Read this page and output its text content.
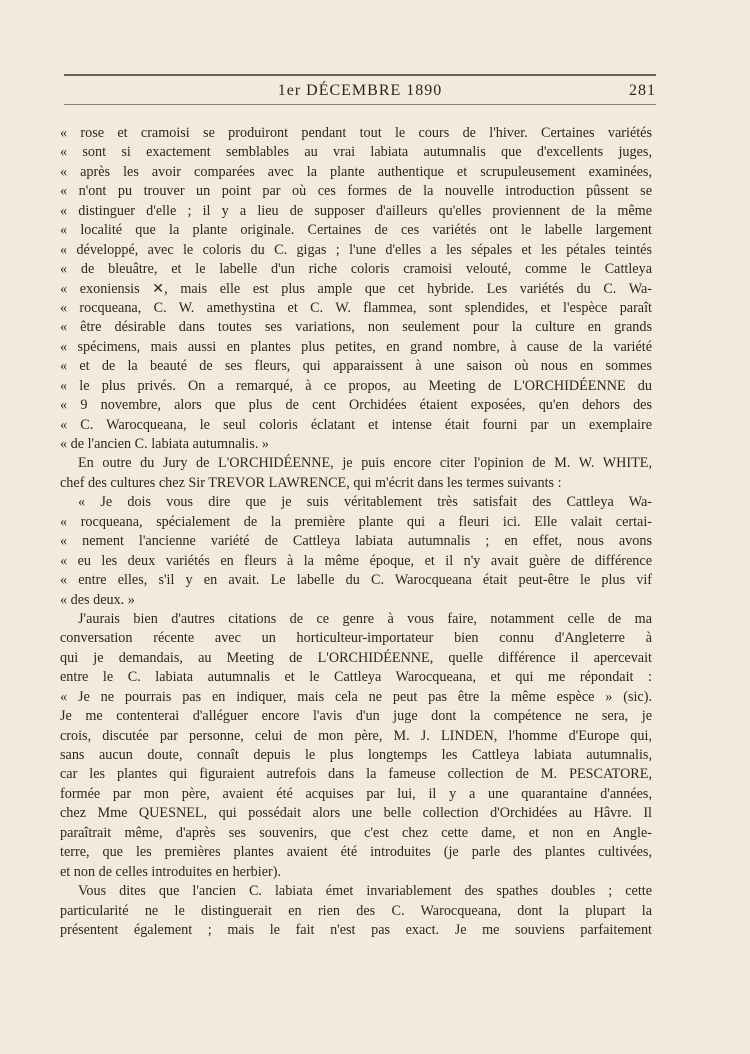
1er DÉCEMBRE 1890	281
« rose et cramoisi se produiront pendant tout le cours de l'hiver. Certaines variétés
« sont si exactement semblables au vrai labiata autumnalis que d'excellents juges,
« après les avoir comparées avec la plante authentique et scrupuleusement examinées,
« n'ont pu trouver un point par où ces formes de la nouvelle introduction pûssent se
« distinguer d'elle ; il y a lieu de supposer d'ailleurs qu'elles proviennent de la même
« localité que la plante originale. Certaines de ces variétés ont le labelle largement
« développé, avec le coloris du C. gigas ; l'une d'elles a les sépales et les pétales teintés
« de bleuâtre, et le labelle d'un riche coloris cramoisi velouté, comme le Cattleya
« exoniensis ✕, mais elle est plus ample que cet hybride. Les variétés du C. Wa-
« rocqueana, C. W. amethystina et C. W. flammea, sont splendides, et l'espèce paraît
« être désirable dans toutes ses variations, non seulement pour la culture en grands
« spécimens, mais aussi en plantes plus petites, en grand nombre, à cause de la variété
« et de la beauté de ses fleurs, qui apparaissent à une saison où nous en sommes
« le plus privés. On a remarqué, à ce propos, au Meeting de L'ORCHIDÉENNE du
« 9 novembre, alors que plus de cent Orchidées étaient exposées, qu'en dehors des
« C. Warocqueana, le seul coloris éclatant et intense était fourni par un exemplaire
« de l'ancien C. labiata autumnalis. »
En outre du Jury de L'ORCHIDÉENNE, je puis encore citer l'opinion de M. W. WHITE,
chef des cultures chez Sir TREVOR LAWRENCE, qui m'écrit dans les termes suivants :
« Je dois vous dire que je suis véritablement très satisfait des Cattleya Wa-
« rocqueana, spécialement de la première plante qui a fleuri ici. Elle valait certai-
« nement l'ancienne variété de Cattleya labiata autumnalis ; en effet, nous avons
« eu les deux variétés en fleurs à la même époque, et il n'y avait guère de différence
« entre elles, s'il y en avait. Le labelle du C. Warocqueana était peut-être le plus vif
« des deux. »
J'aurais bien d'autres citations de ce genre à vous faire, notamment celle de ma
conversation récente avec un horticulteur-importateur bien connu d'Angleterre à
qui je demandais, au Meeting de L'ORCHIDÉENNE, quelle différence il apercevait
entre le C. labiata autumnalis et le Cattleya Warocqueana, et qui me répondait :
« Je ne pourrais pas en indiquer, mais cela ne peut pas être la même espèce » (sic).
Je me contenterai d'alléguer encore l'avis d'un juge dont la compétence ne sera, je
crois, discutée par personne, celui de mon père, M. J. LINDEN, l'homme d'Europe qui,
sans aucun doute, connaît depuis le plus longtemps les Cattleya labiata autumnalis,
car les plantes qui figuraient autrefois dans la fameuse collection de M. PESCATORE,
formée par mon père, avaient été acquises par lui, il y a une quarantaine d'années,
chez Mme QUESNEL, qui possédait alors une belle collection d'Orchidées au Hâvre. Il
paraîtrait même, d'après ses souvenirs, que c'est chez cette dame, et non en Angle-
terre, que les premières plantes avaient été introduites (je parle des plantes cultivées,
et non de celles introduites en herbier).
Vous dites que l'ancien C. labiata émet invariablement des spathes doubles ; cette
particularité ne le distinguerait en rien des C. Warocqueana, dont la plupart la
présentent également ; mais le fait n'est pas exact. Je me souviens parfaitement
